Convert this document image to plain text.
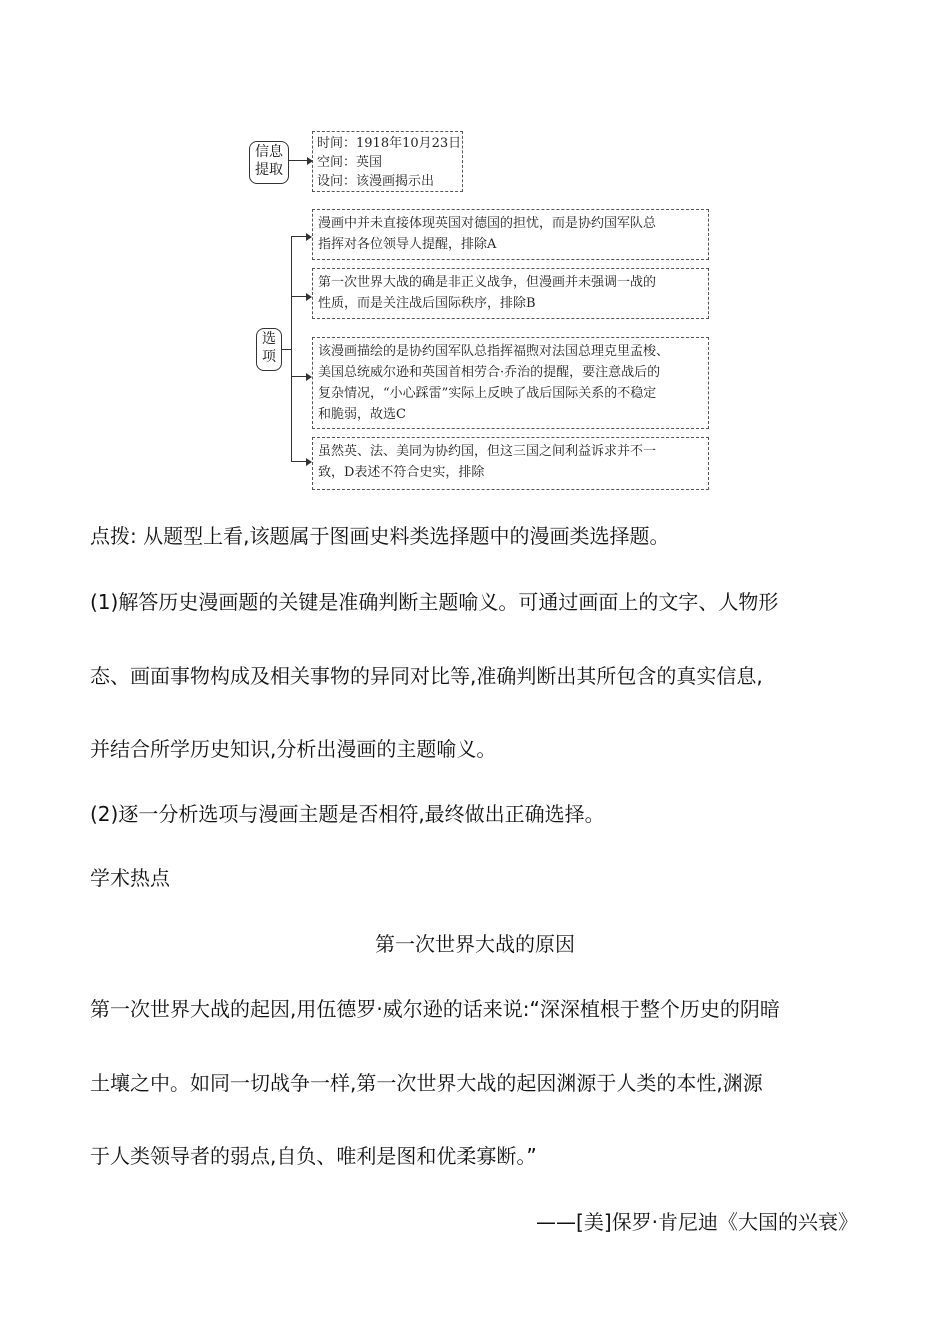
信息
提取
时间：1918年10月23日
空间：英国
设问：该漫画揭示出
选
项
漫画中并未直接体现英国对德国的担忧，而是协约国军队总
指挥对各位领导人提醒，排除A
第一次世界大战的确是非正义战争，但漫画并未强调一战的
性质，而是关注战后国际秩序，排除B
该漫画描绘的是协约国军队总指挥福煦对法国总理克里孟梭、
美国总统威尔逊和英国首相劳合·乔治的提醒，要注意战后的
复杂情况，“小心踩雷”实际上反映了战后国际关系的不稳定
和脆弱，故选C
虽然英、法、美同为协约国，但这三国之间利益诉求并不一
致，D表述不符合史实，排除
点拨: 从题型上看,该题属于图画史料类选择题中的漫画类选择题。
(1)解答历史漫画题的关键是准确判断主题喻义。可通过画面上的文字、人物形
态、画面事物构成及相关事物的异同对比等,准确判断出其所包含的真实信息,
并结合所学历史知识,分析出漫画的主题喻义。
(2)逐一分析选项与漫画主题是否相符,最终做出正确选择。
学术热点
第一次世界大战的原因
第一次世界大战的起因,用伍德罗·威尔逊的话来说:“深深植根于整个历史的阴暗
土壤之中。如同一切战争一样,第一次世界大战的起因渊源于人类的本性,渊源
于人类领导者的弱点,自负、唯利是图和优柔寡断。”
——[美]保罗·肯尼迪《大国的兴衰》
